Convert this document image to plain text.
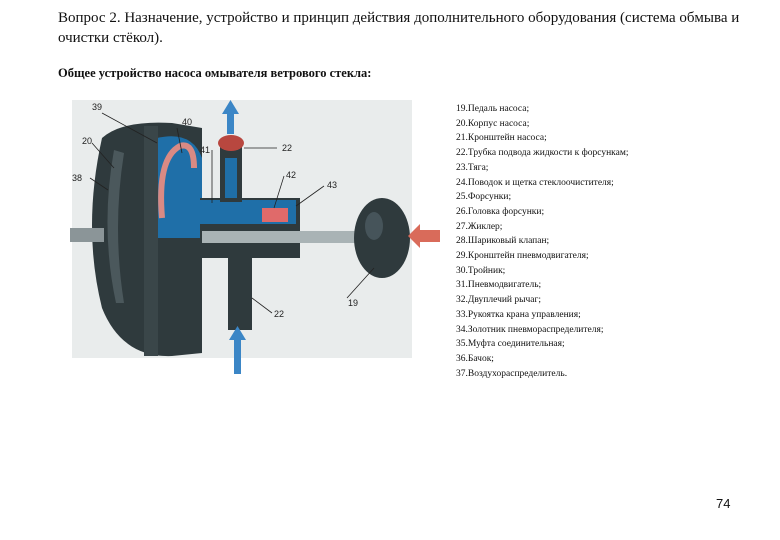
Вопрос 2. Назначение, устройство и принцип действия дополнительного оборудования (система обмыва и очистки стёкол).
Общее устройство насоса омывателя ветрового стекла:
39
40
20
41	22
42
38
43
19
22
19.Педаль насоса;
20.Корпус насоса;
21.Кронштейн насоса;
22.Трубка подвода жидкости к форсункам;
23.Тяга;
24.Поводок и щетка стеклоочистителя;
25.Форсунки;
26.Головка форсунки;
27.Жиклер;
28.Шариковый клапан;
29.Кронштейн пневмодвигателя;
30.Тройник;
31.Пневмодвигатель;
32.Двуплечий рычаг;
33.Рукоятка крана управления;
34.Золотник пневмораспределителя;
35.Муфта соединительная;
36.Бачок;
37.Воздухораспределитель.
74
